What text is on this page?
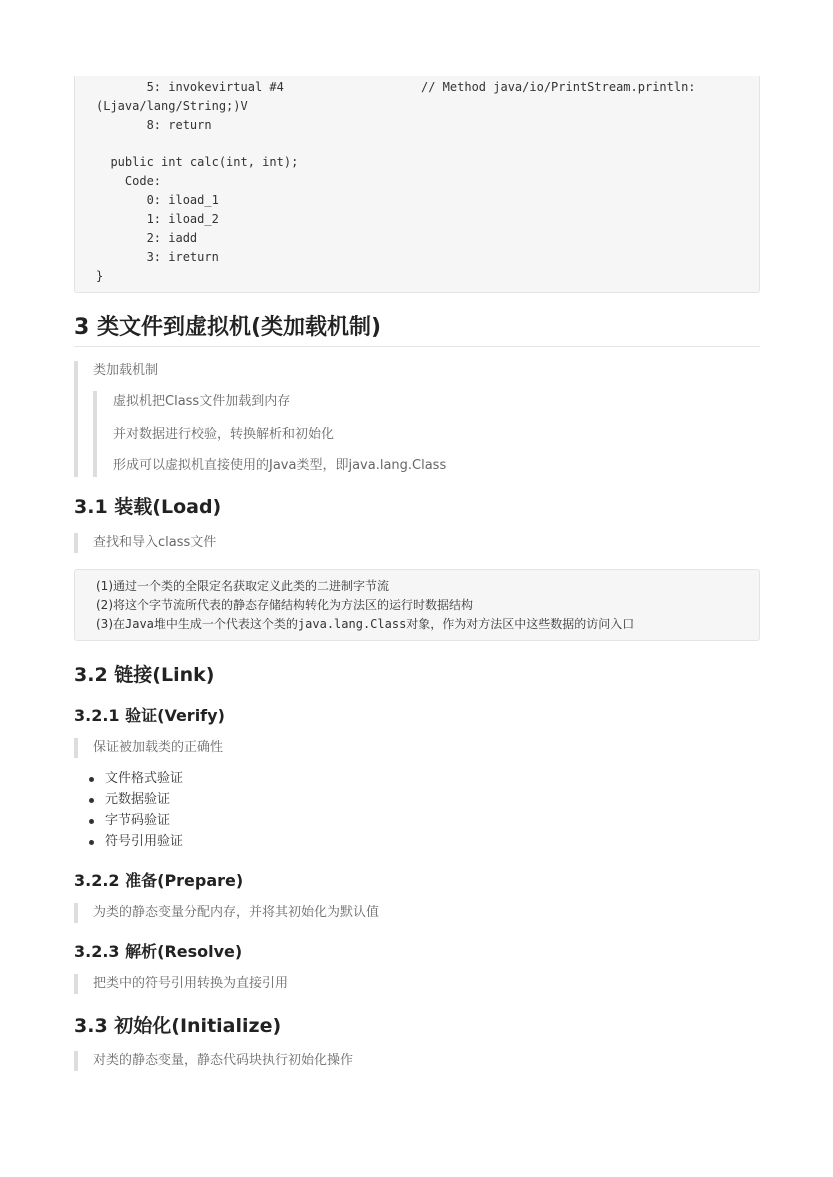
5: invokevirtual #4	// Method java/io/PrintStream.println:
(Ljava/lang/String;)V
8: return
public int calc(int, int);
Code:
0: iload_1
1: iload_2
2: iadd
3: ireturn
}
3 类文件到虚拟机(类加载机制)
类加载机制
虚拟机把Class文件加载到内存
并对数据进行校验，转换解析和初始化
形成可以虚拟机直接使用的Java类型，即java.lang.Class
3.1 装载(Load)
查找和导入class文件
(1)通过一个类的全限定名获取定义此类的二进制字节流
(2)将这个字节流所代表的静态存储结构转化为方法区的运行时数据结构
(3)在Java堆中生成一个代表这个类的java.lang.Class对象，作为对方法区中这些数据的访问入口
3.2 链接(Link)
3.2.1 验证(Verify)
保证被加载类的正确性
文件格式验证
元数据验证
字节码验证
符号引用验证
3.2.2 准备(Prepare)
为类的静态变量分配内存，并将其初始化为默认值
3.2.3 解析(Resolve)
把类中的符号引用转换为直接引用
3.3 初始化(Initialize)
对类的静态变量，静态代码块执行初始化操作
